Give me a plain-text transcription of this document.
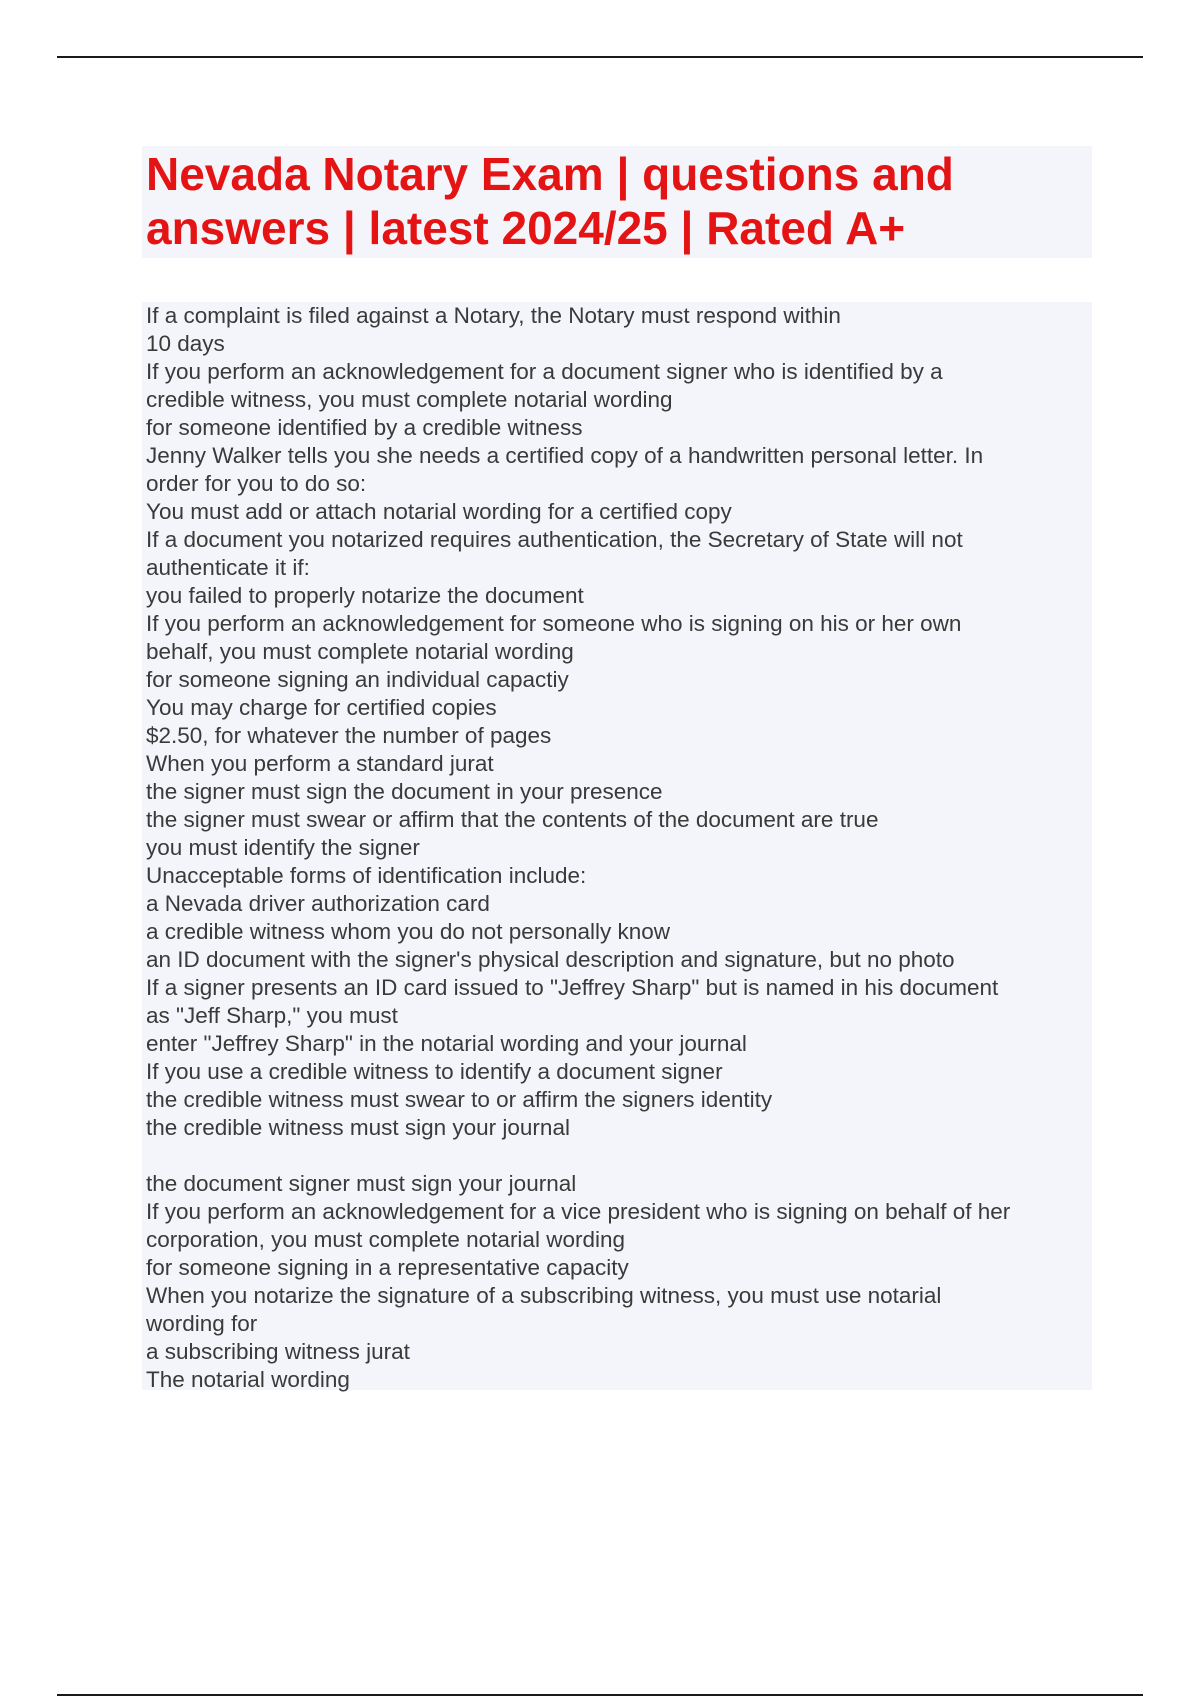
Nevada Notary Exam | questions and answers | latest 2024/25 | Rated A+
If a complaint is filed against a Notary, the Notary must respond within
10 days
If you perform an acknowledgement for a document signer who is identified by a
credible witness, you must complete notarial wording
for someone identified by a credible witness
Jenny Walker tells you she needs a certified copy of a handwritten personal letter. In
order for you to do so:
You must add or attach notarial wording for a certified copy
If a document you notarized requires authentication, the Secretary of State will not
authenticate it if:
you failed to properly notarize the document
If you perform an acknowledgement for someone who is signing on his or her own
behalf, you must complete notarial wording
for someone signing an individual capactiy
You may charge for certified copies
$2.50, for whatever the number of pages
When you perform a standard jurat
the signer must sign the document in your presence
the signer must swear or affirm that the contents of the document are true
you must identify the signer
Unacceptable forms of identification include:
a Nevada driver authorization card
a credible witness whom you do not personally know
an ID document with the signer's physical description and signature, but no photo
If a signer presents an ID card issued to "Jeffrey Sharp" but is named in his document
as "Jeff Sharp," you must
enter "Jeffrey Sharp" in the notarial wording and your journal
If you use a credible witness to identify a document signer
the credible witness must swear to or affirm the signers identity
the credible witness must sign your journal
the document signer must sign your journal
If you perform an acknowledgement for a vice president who is signing on behalf of her
corporation, you must complete notarial wording
for someone signing in a representative capacity
When you notarize the signature of a subscribing witness, you must use notarial
wording for
a subscribing witness jurat
The notarial wording
